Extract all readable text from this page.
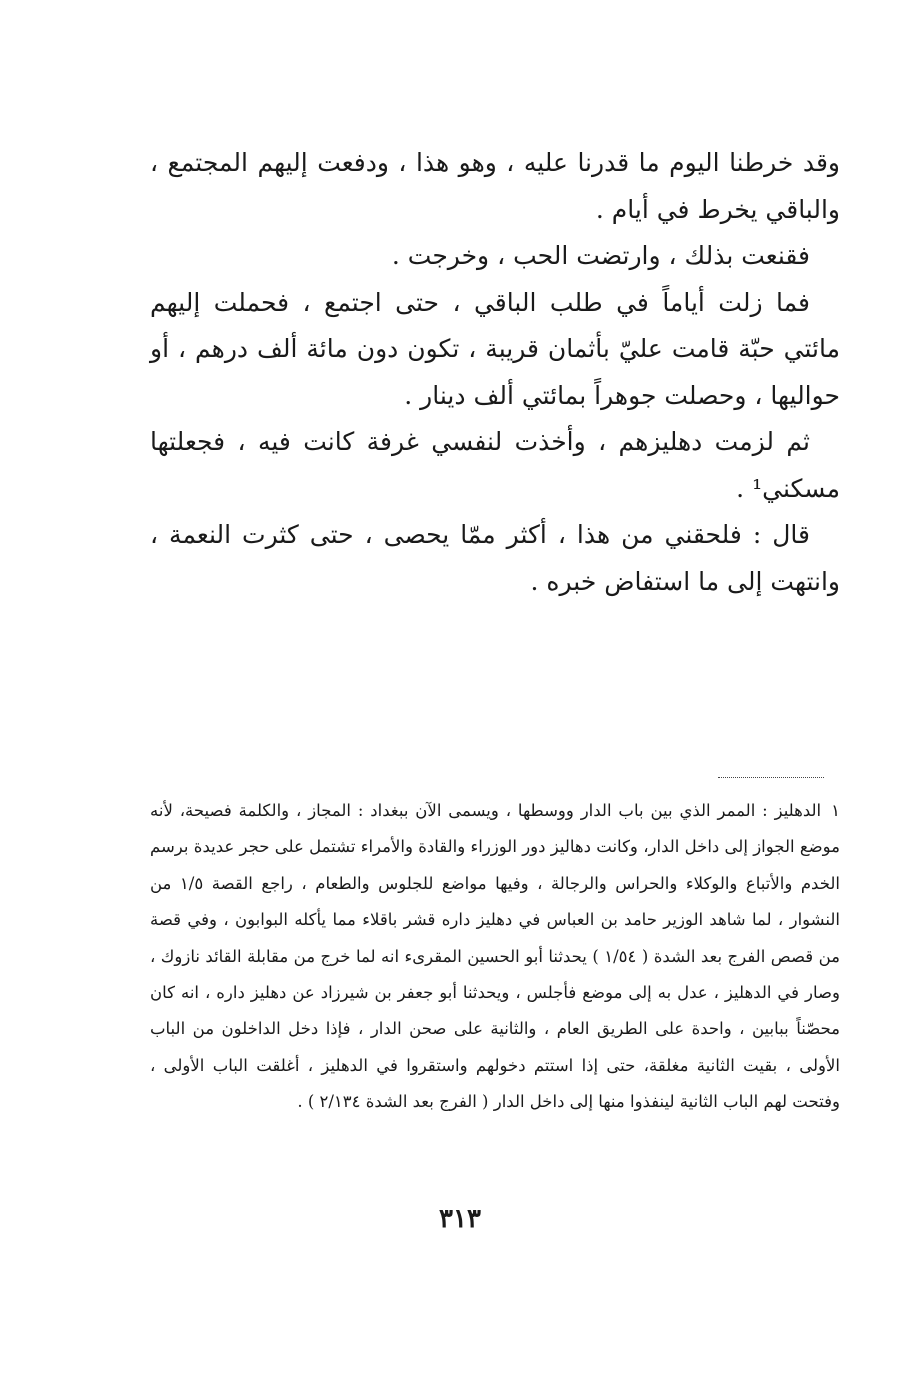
وقد خرطنا اليوم ما قدرنا عليه ، وهو هذا ، ودفعت إليهم المجتمع ، والباقي يخرط في أيام .

فقنعت بذلك ، وارتضت الحب ، وخرجت .

فما زلت أياماً في طلب الباقي ، حتى اجتمع ، فحملت إليهم مائتي حبّة قامت عليّ بأثمان قريبة ، تكون دون مائة ألف درهم ، أو حواليها ، وحصلت جوهراً بمائتي ألف دينار .

ثم لزمت دهليزهم ، وأخذت لنفسي غرفة كانت فيه ، فجعلتها مسكني¹ .

قال : فلحقني من هذا ، أكثر ممّا يحصى ، حتى كثرت النعمة ، وانتهت إلى ما استفاض خبره .

١الدهليز : الممر الذي بين باب الدار ووسطها ، ويسمى الآن ببغداد : المجاز ، والكلمة فصيحة، لأنه موضع الجواز إلى داخل الدار، وكانت دهاليز دور الوزراء والقادة والأمراء تشتمل على حجر عديدة برسم الخدم والأتباع والوكلاء والحراس والرجالة ، وفيها مواضع للجلوس والطعام ، راجع القصة ١/٥ من النشوار ، لما شاهد الوزير حامد بن العباس في دهليز داره قشر باقلاء مما يأكله البوابون ، وفي قصة من قصص الفرج بعد الشدة ( ١/٥٤ ) يحدثنا أبو الحسين المقرىء انه لما خرج من مقابلة القائد نازوك ، وصار في الدهليز ، عدل به إلى موضع فأجلس ، ويحدثنا أبو جعفر بن شيرزاد عن دهليز داره ، انه كان محصّناً ببابين ، واحدة على الطريق العام ، والثانية على صحن الدار ، فإذا دخل الداخلون من الباب الأولى ، بقيت الثانية مغلقة، حتى إذا استتم دخولهم واستقروا في الدهليز ، أغلقت الباب الأولى ، وفتحت لهم الباب الثانية لينفذوا منها إلى داخل الدار ( الفرج بعد الشدة ٢/١٣٤ ) .

٣١٣
